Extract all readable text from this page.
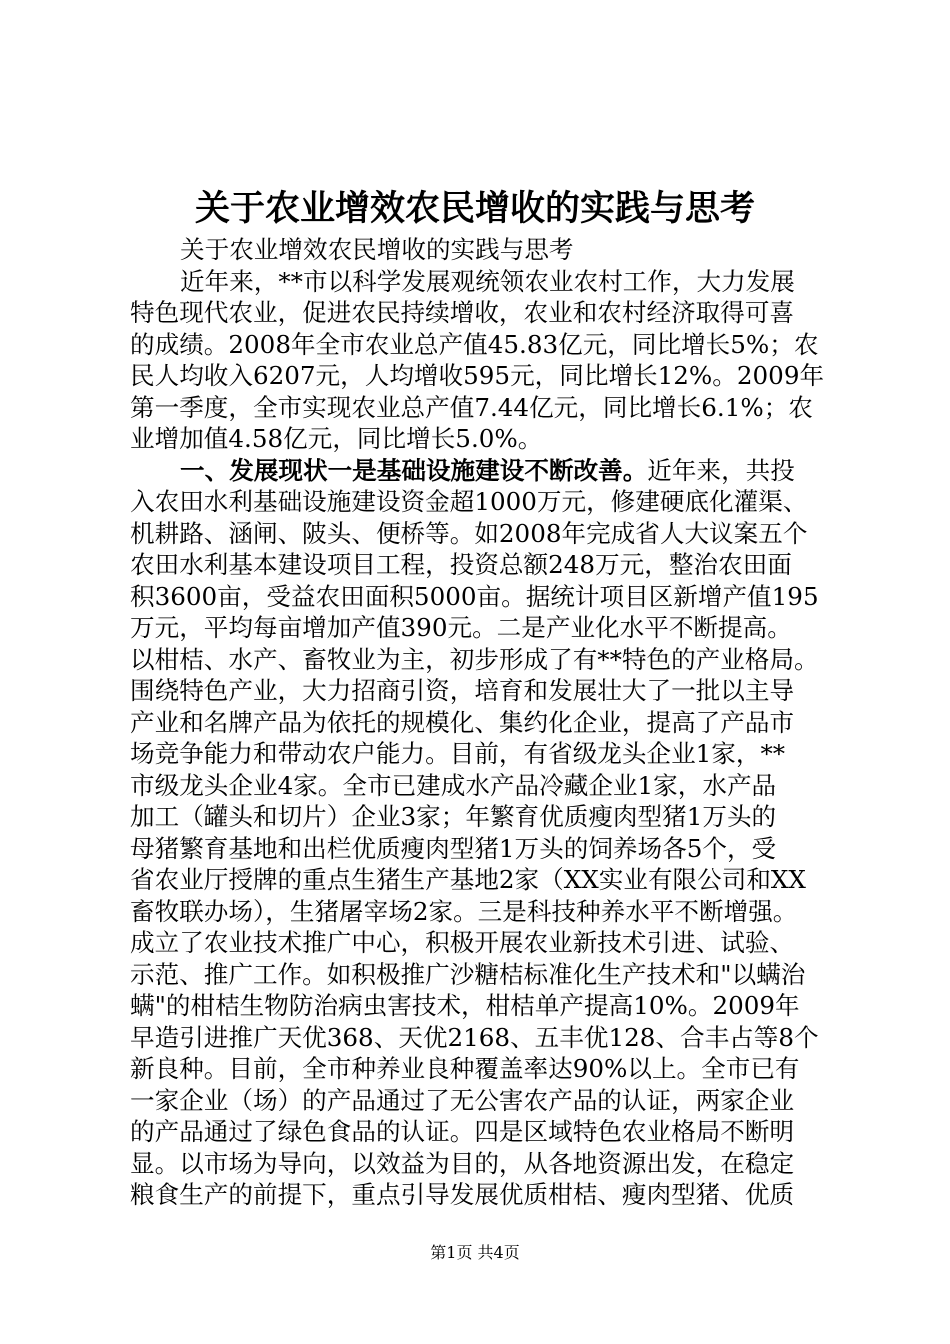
关于农业增效农民增收的实践与思考
关于农业增效农民增收的实践与思考
近年来，**市以科学发展观统领农业农村工作，大力发展
特色现代农业，促进农民持续增收，农业和农村经济取得可喜
的成绩。2008年全市农业总产值45.83亿元，同比增长5%；农
民人均收入6207元，人均增收595元，同比增长12%。2009年
第一季度，全市实现农业总产值7.44亿元，同比增长6.1%；农
业增加值4.58亿元，同比增长5.0%。
一、发展现状一是基础设施建设不断改善。近年来，共投
入农田水利基础设施建设资金超1000万元，修建硬底化灌渠、
机耕路、涵闸、陂头、便桥等。如2008年完成省人大议案五个
农田水利基本建设项目工程，投资总额248万元，整治农田面
积3600亩，受益农田面积5000亩。据统计项目区新增产值195
万元，平均每亩增加产值390元。二是产业化水平不断提高。
以柑桔、水产、畜牧业为主，初步形成了有**特色的产业格局。
围绕特色产业，大力招商引资，培育和发展壮大了一批以主导
产业和名牌产品为依托的规模化、集约化企业，提高了产品市
场竞争能力和带动农户能力。目前，有省级龙头企业1家，**
市级龙头企业4家。全市已建成水产品冷藏企业1家，水产品
加工（罐头和切片）企业3家；年繁育优质瘦肉型猪1万头的
母猪繁育基地和出栏优质瘦肉型猪1万头的饲养场各5个，受
省农业厅授牌的重点生猪生产基地2家（XX实业有限公司和XX
畜牧联办场），生猪屠宰场2家。三是科技种养水平不断增强。
成立了农业技术推广中心，积极开展农业新技术引进、试验、
示范、推广工作。如积极推广沙糖桔标准化生产技术和"以螨治
螨"的柑桔生物防治病虫害技术，柑桔单产提高10%。2009年
早造引进推广天优368、天优2168、五丰优128、合丰占等8个
新良种。目前，全市种养业良种覆盖率达90%以上。全市已有
一家企业（场）的产品通过了无公害农产品的认证，两家企业
的产品通过了绿色食品的认证。四是区域特色农业格局不断明
显。以市场为导向，以效益为目的，从各地资源出发，在稳定
粮食生产的前提下，重点引导发展优质柑桔、瘦肉型猪、优质
第1页 共4页
